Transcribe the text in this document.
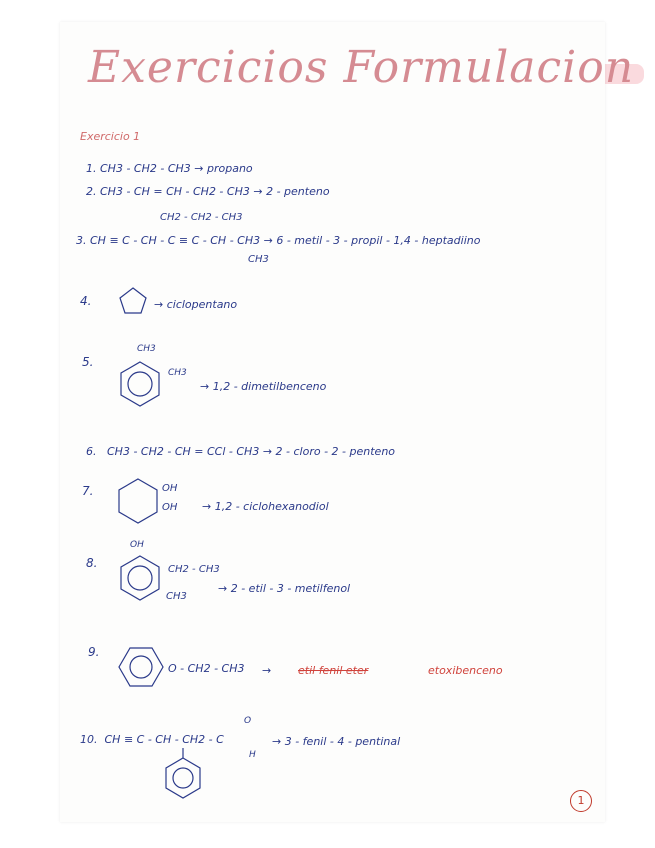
Exercicios Formulacion
Exercicio 1
1. CH3 - CH2 - CH3 → propano
2. CH3 - CH = CH - CH2 - CH3 → 2 - penteno
CH2 - CH2 - CH3
3. CH ≡ C - CH - C ≡ C - CH - CH3 → 6 - metil - 3 - propil - 1,4 - heptadiino
CH3
4.	→ ciclopentano
5.
CH3
CH3
→ 1,2 - dimetilbenceno
6. CH3 - CH2 - CH = CCl - CH3 → 2 - cloro - 2 - penteno
7.	OH
OH → 1,2 - ciclohexanodiol
8.
OH
CH2 - CH3
CH3
→ 2 - etil - 3 - metilfenol
9.
O - CH2 - CH3 → etil fenil eter	etoxibenceno
10. CH ≡ C - CH - CH2 - C
O
H
→ 3 - fenil - 4 - pentinal
1
